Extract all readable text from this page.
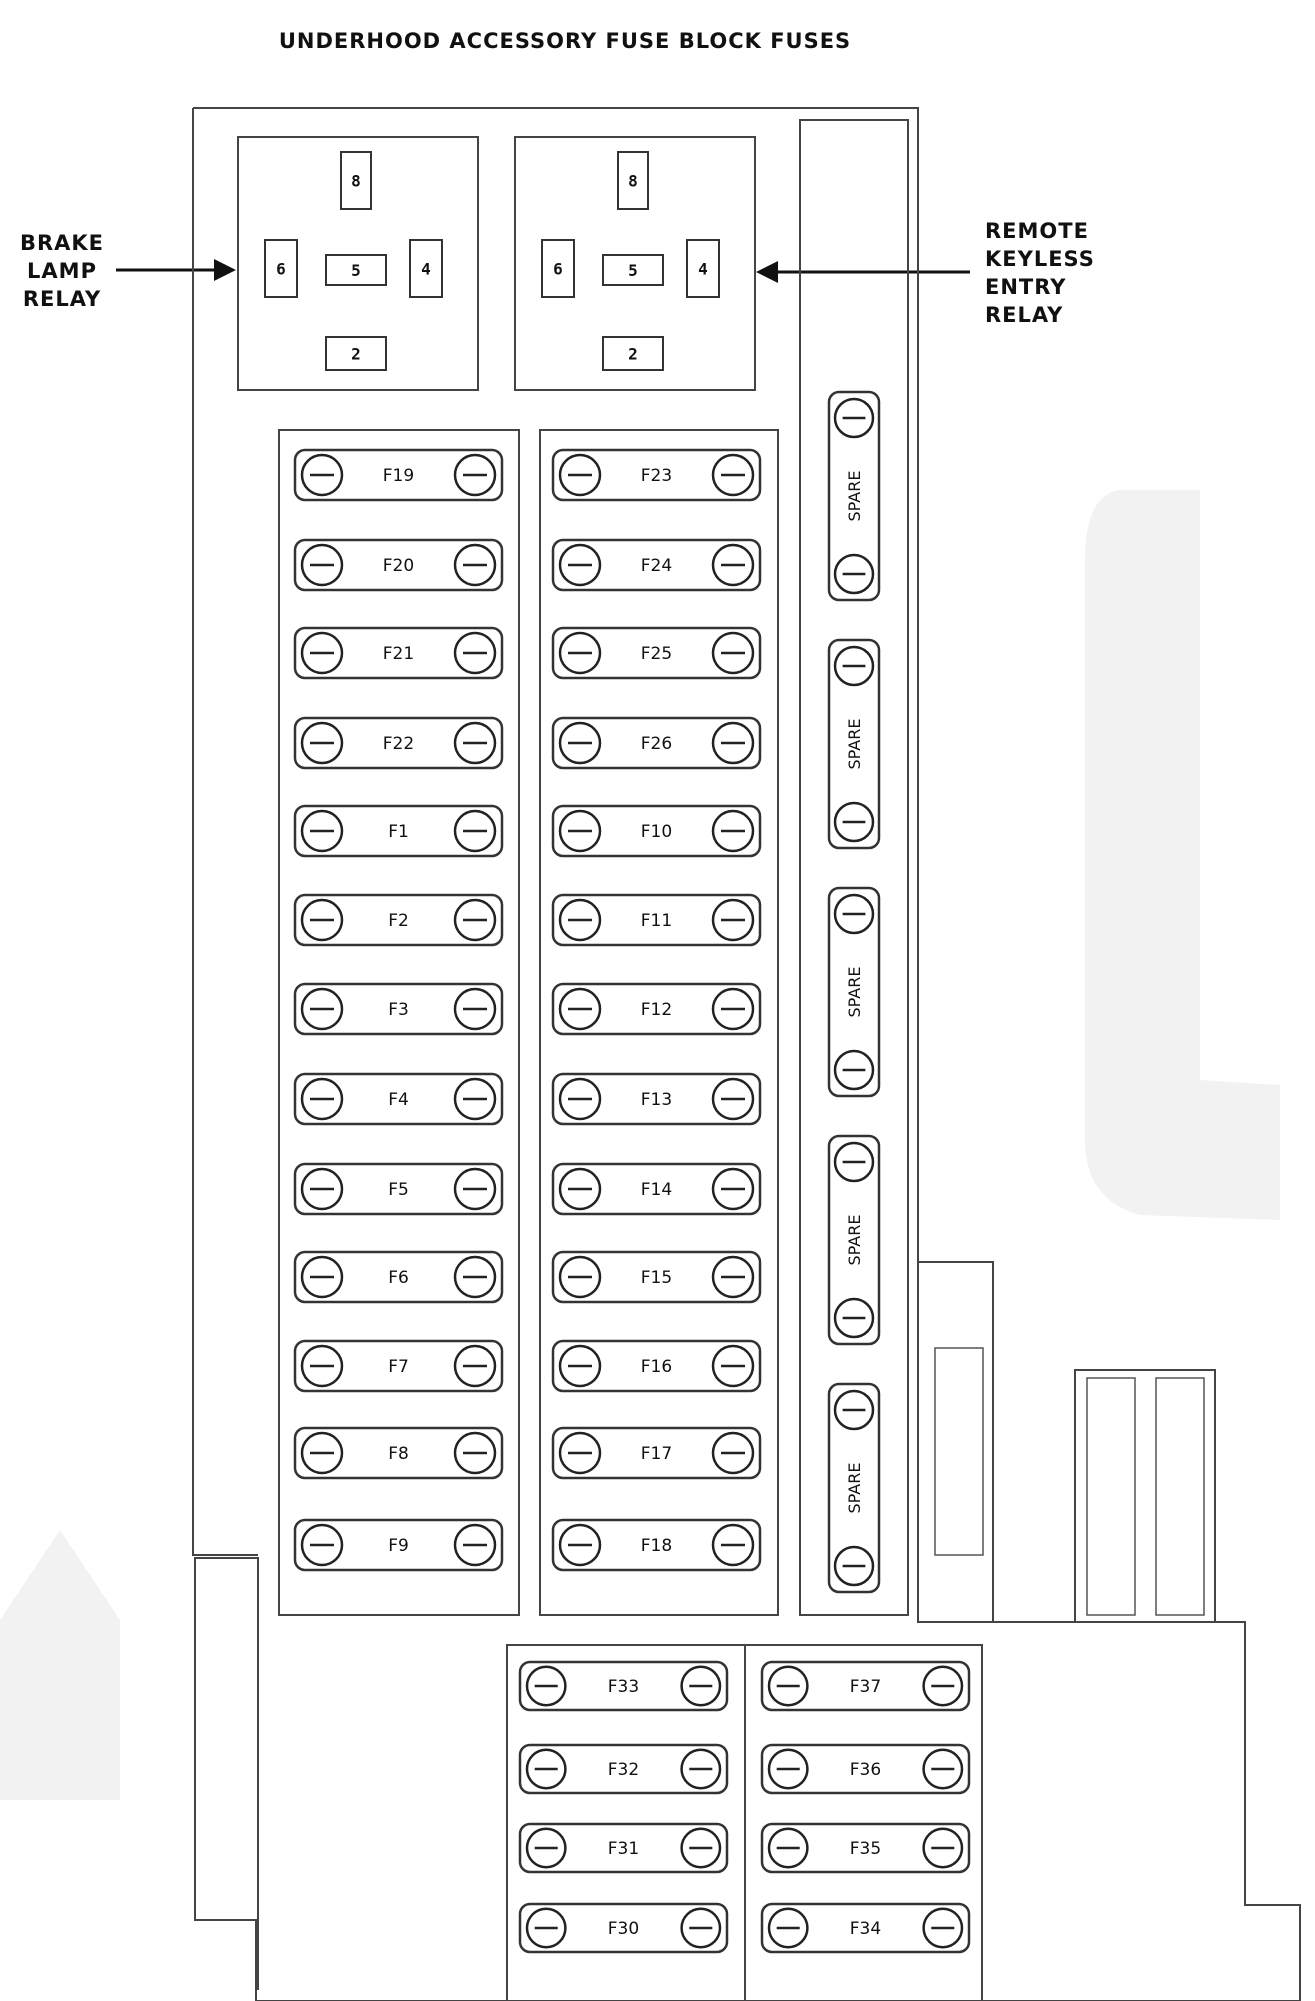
UNDERHOOD ACCESSORY FUSE BLOCK FUSES
BRAKE
LAMP
RELAY
REMOTE
KEYLESS
ENTRY
RELAY
8
6	5	4
2
8
6	5	4
2
F19
F20
F21
F22
F1
F2
F3
F4
F5
F6
F7
F8
F9
F23
F24
F25
F26
F10
F11
F12
F13
F14
F15
F16
F17
F18
F33
F32
F31
F30
F37
F36
F35
F34
SPARE
SPARE
SPARE
SPARE
SPARE
